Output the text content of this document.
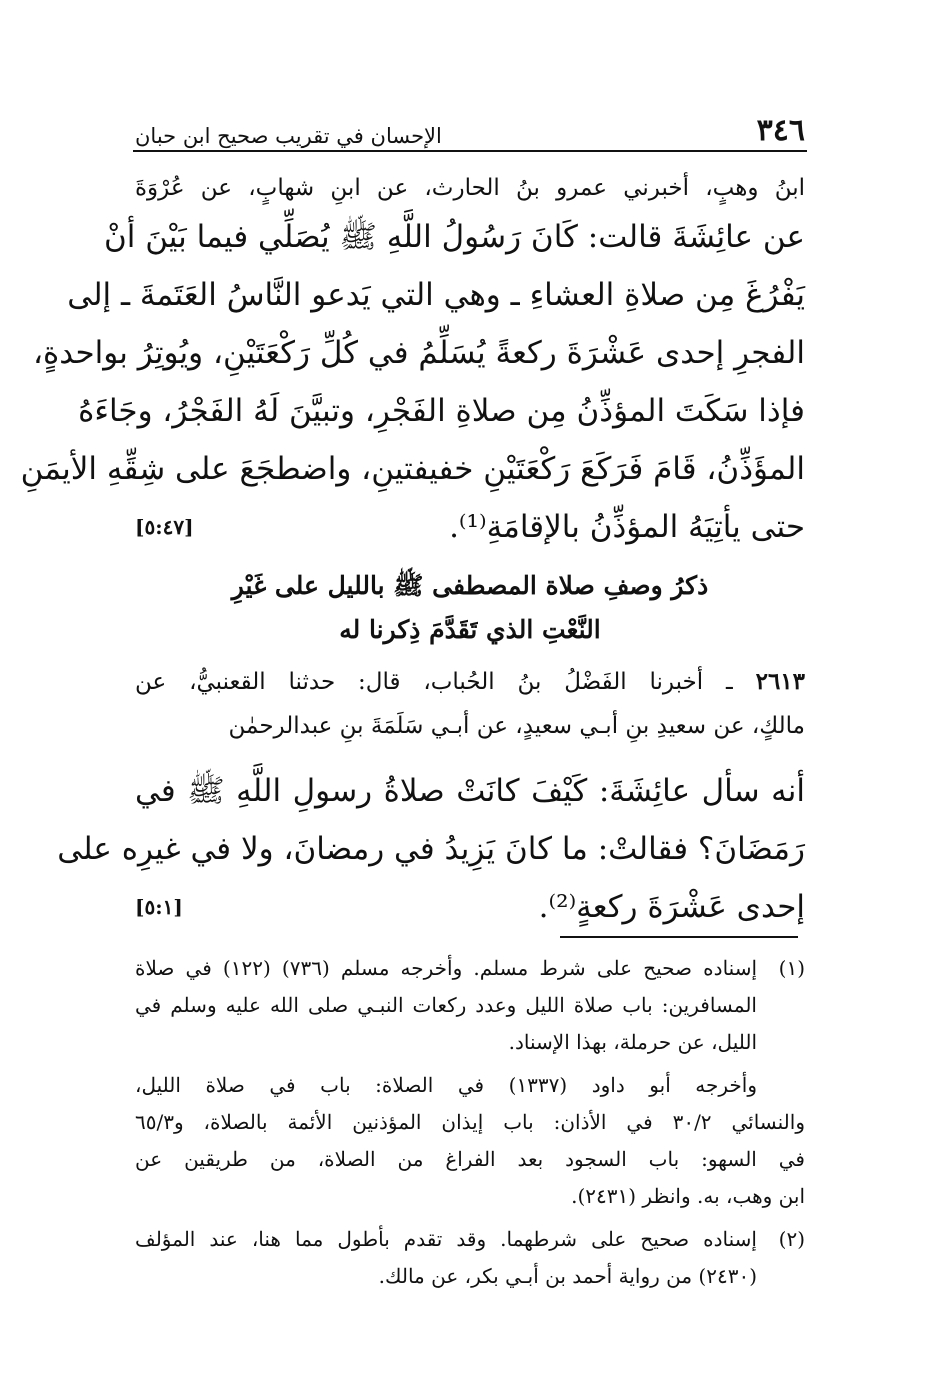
٣٤٦
الإحسان في تقريب صحيح ابن حبان
ابنُ وهبٍ، أخبرني عمرو بنُ الحارث، عن ابنِ شهابٍ، عن عُرْوَةَ
عن عائِشَةَ قالت: كَانَ رَسُولُ اللَّهِ ﷺ يُصَلِّي فيما بَيْنَ أنْ
يَفْرُغَ مِن صلاةِ العشاءِ ـ وهي التي يَدعو النَّاسُ العَتَمةَ ـ إلى
الفجرِ إحدى عَشْرَةَ ركعةً يُسَلِّمُ في كُلِّ رَكْعَتَيْنِ، ويُوتِرُ بواحدةٍ،
فإذا سَكَتَ المؤذِّنُ مِن صلاةِ الفَجْرِ، وتبيَّنَ لَهُ الفَجْرُ، وجَاءَهُ
المؤَذِّنُ، قَامَ فَرَكَعَ رَكْعَتَيْنِ خفيفتينِ، واضطجَعَ على شِقِّهِ الأيمَنِ
حتى يأتِيَهُ المؤذِّنُ بالإقامَةِ⁽¹⁾.
[٥:٤٧]
ذكرُ وصفِ صلاة المصطفى ﷺ بالليل على غَيْرِ
النَّعْتِ الذي تَقَدَّمَ ذِكرنا له
٢٦١٣ ـ أخبرنا الفَضْلُ بنُ الحُباب، قال: حدثنا القعنبيُّ، عن
مالكٍ، عن سعيدِ بنِ أبـي سعيدٍ، عن أبـي سَلَمَةَ بنِ عبدالرحمٰن
أنه سأل عائِشَةَ: كَيْفَ كانَتْ صلاةُ رسولِ اللَّهِ ﷺ في
رَمَضَانَ؟ فقالتْ: ما كانَ يَزِيدُ في رمضانَ، ولا في غيرِه على
إحدى عَشْرَةَ ركعةٍ⁽²⁾.
[٥:١]
(١)
إسناده صحيح على شرط مسلم. وأخرجه مسلم (٧٣٦) (١٢٢) في صلاة
المسافرين: باب صلاة الليل وعدد ركعات النبـي صلى الله عليه وسلم في
الليل، عن حرملة، بهذا الإسناد.
وأخرجه أبو داود (١٣٣٧) في الصلاة: باب في صلاة الليل،
والنسائي ٣٠/٢ في الأذان: باب إيذان المؤذنين الأئمة بالصلاة، و٦٥/٣
في السهو: باب السجود بعد الفراغ من الصلاة، من طريقين عن
ابن وهب، به. وانظر (٢٤٣١).
(٢)
إسناده صحيح على شرطهما. وقد تقدم بأطول مما هنا، عند المؤلف
(٢٤٣٠) من رواية أحمد بن أبـي بكر، عن مالك.
